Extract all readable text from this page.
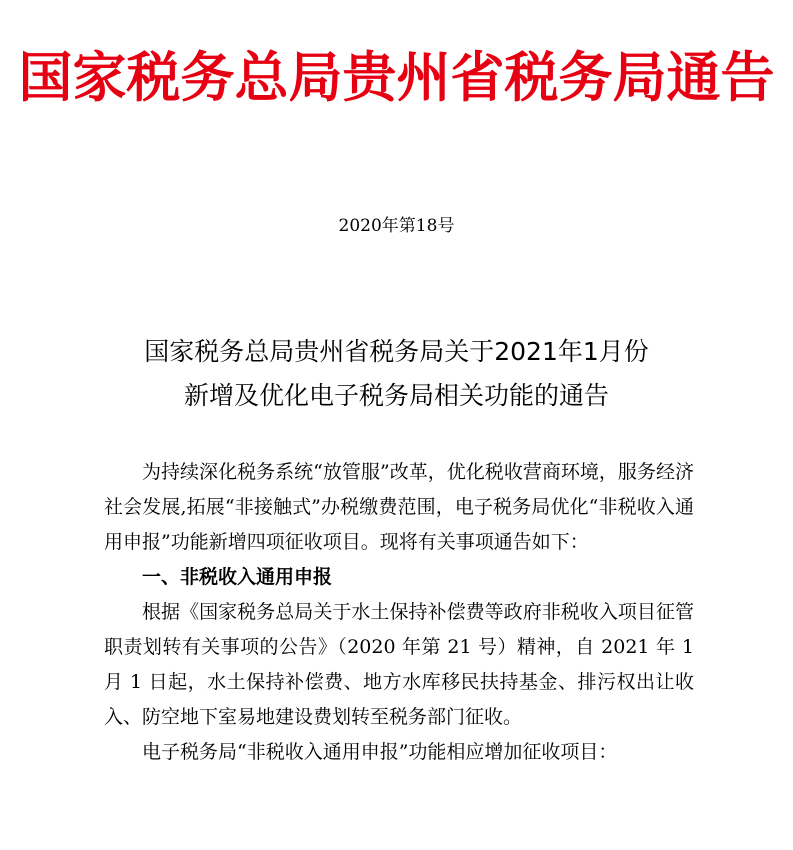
国家税务总局贵州省税务局通告
2020年第18号
国家税务总局贵州省税务局关于2021年1月份
新增及优化电子税务局相关功能的通告

为持续深化税务系统“放管服”改革，优化税收营商环境，服务经济社会发展,拓展“非接触式”办税缴费范围，电子税务局优化“非税收入通用申报”功能新增四项征收项目。现将有关事项通告如下：

一、非税收入通用申报

根据《国家税务总局关于水土保持补偿费等政府非税收入项目征管职责划转有关事项的公告》（2020 年第 21 号）精神，自 2021 年 1 月 1 日起，水土保持补偿费、地方水库移民扶持基金、排污权出让收入、防空地下室易地建设费划转至税务部门征收。

电子税务局“非税收入通用申报”功能相应增加征收项目：
